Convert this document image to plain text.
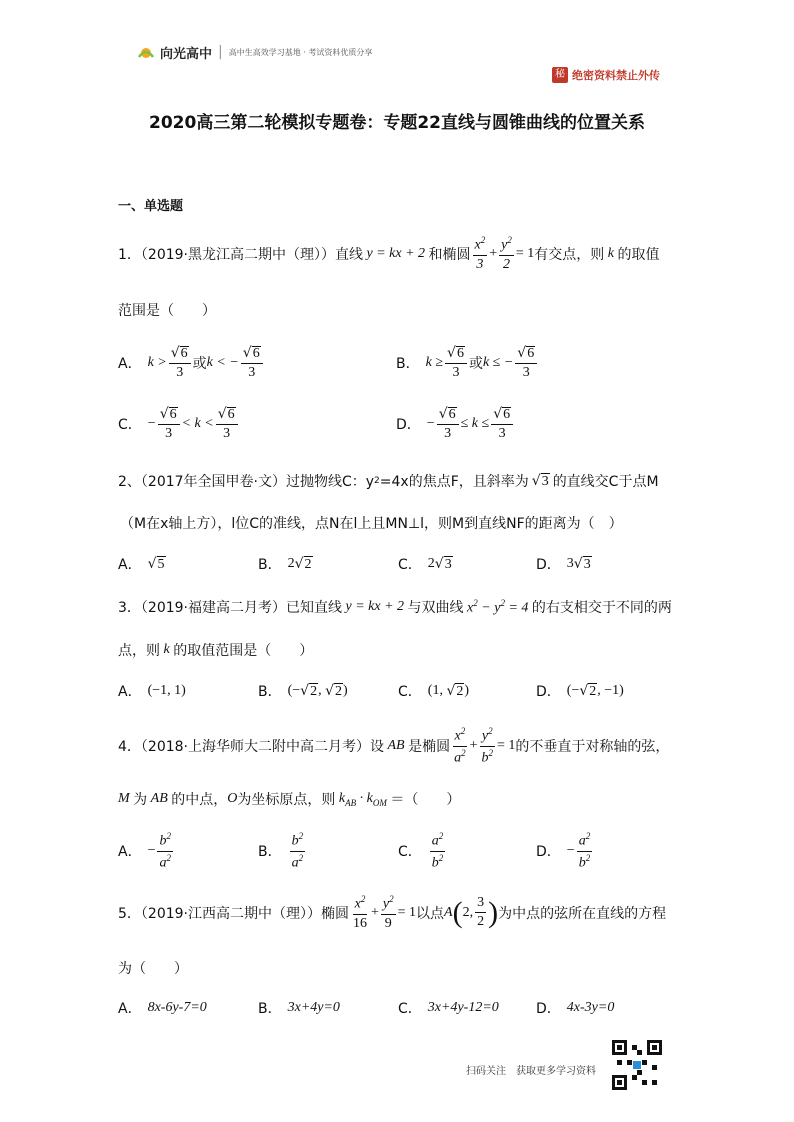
向光高中 | 高中生高效学习基地 · 考试资料优质分享
秘 绝密资料禁止外传
2020高三第二轮模拟专题卷：专题22直线与圆锥曲线的位置关系
一、单选题
1．（2019·黑龙江高二期中（理））直线 y = kx + 2 和椭圆 $\frac{x^2}{3} + \frac{y^2}{2} = 1$ 有交点，则 k 的取值
范围是（　　）
A． $k > \frac{√ 6}{3}$ 或 k < − $\frac{√ 6}{3}$	B． $k \ge \frac{√ 6}{3}$ 或 k ≤ − $\frac{√ 6}{3}$
C． − $\frac{√ 6}{3} < k < \frac{√ 6}{3}$	D． − $\frac{√ 6}{3} \le k \le \frac{√ 6}{3}$
2、（2017年全国甲卷·文）过抛物线C：y 2 =4x的焦点F，且斜率为 √ 3 的直线交C于点M
（M在x轴上方），l位C的准线，点N在l上且MN⊥l，则M到直线NF的距离为（　）
A． √ 5	B． 2 √ 2	C． 2 √ 3	D． 3 √ 3
3．（2019·福建高二月考）已知直线 y = kx + 2 与双曲线 $x^2 - y^2 = 4$ 的右支相交于不同的两
点，则 k 的取值范围是（　　）
A． (−1, 1)	B． (− √ 2 , √ 2 )	C． (1, √ 2 )	D． (− √ 2 , −1)
4．（2018·上海华师大二附中高二月考）设 AB 是椭圆 $\frac{x^2}{a^2} + \frac{y^2}{b^2} = 1$ 的不垂直于对称轴的弦，
M 为 AB 的中点， O 为坐标原点，则 $k_{AB} \cdot k_{OM}$ ＝（　　）
A． − $\frac{b^2}{a^2}$	B． $\frac{b^2}{a^2}$	C． $\frac{a^2}{b^2}$	D． − $\frac{a^2}{b^2}$
5．（2019·江西高二期中（理））椭圆 $\frac{x^2}{16} + \frac{y^2}{9} = 1$ 以点 A ( 2, $\frac{3}{2}$ ) 为中点的弦所在直线的方程
为（　　）
A． 8x-6y-7=0	B． 3x+4y=0	C． 3x+4y-12=0	D． 4x-3y=0
扫码关注　获取更多学习资料
